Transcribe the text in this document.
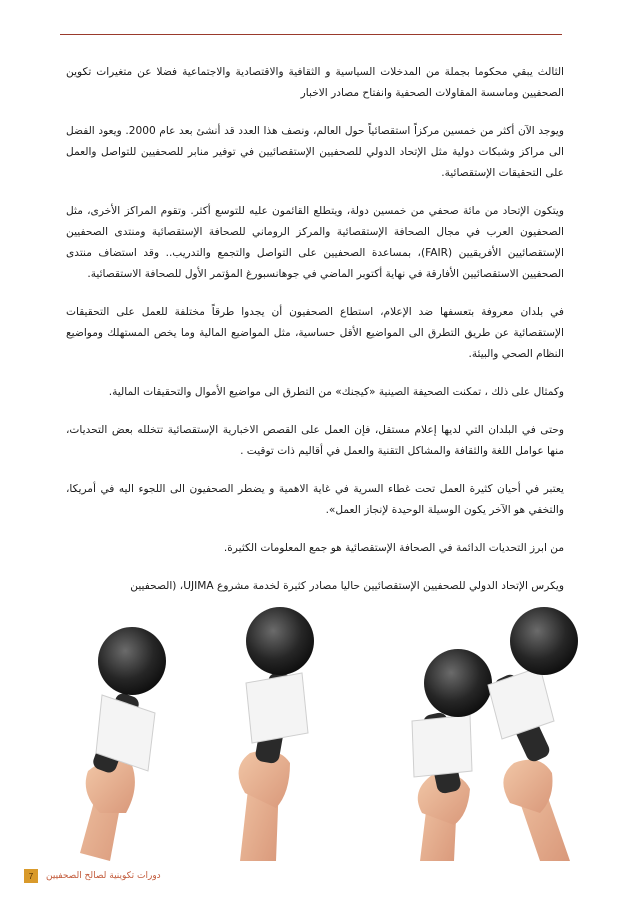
الثالث يبقي محكوما بجملة من المدخلات السياسية و الثقافية والاقتصادية والاجتماعية فضلا عن متغيرات تكوين الصحفيين وماسسة المقاولات الصحفية وانفتاح مصادر الاخبار

ويوجد الآن أكثر من خمسين مركزاً استقصائياً حول العالم، ونصف هذا العدد قد أنشئ بعد عام 2000. ويعود الفضل الى مراكز وشبكات دولية مثل الإتحاد الدولي للصحفيين الإستقصائيين في توفير منابر للصحفيين للتواصل والعمل على التحقيقات الإستقصائية.

ويتكون الإتحاد من مائة صحفي من خمسين دولة، ويتطلع القائمون عليه للتوسع أكثر. وتقوم المراكز الأخرى، مثل الصحفيون العرب في مجال الصحافة الإستقصائية والمركز الروماني للصحافة الإستقصائية ومنتدى الصحفيين الإستقصائيين الأفريقيين (FAIR)، بمساعدة الصحفيين على التواصل والتجمع والتدريب.. وقد استضاف منتدى الصحفيين الاستقصائيين الأفارقة في نهاية أكتوبر الماضي في جوهانسبورغ المؤتمر الأول للصحافة الاستقصائية.

في بلدان معروفة بتعسفها ضد الإعلام، استطاع الصحفيون أن يجدوا طرقاً مختلفة للعمل على التحقيقات الإستقصائية عن طريق التطرق الى المواضيع الأقل حساسية، مثل المواضيع المالية وما يخص المستهلك ومواضيع النظام الصحي والبيئة.

وكمثال على ذلك ، تمكنت الصحيفة الصينية «كيجنك» من التطرق الى مواضيع الأموال والتحقيقات المالية.

وحتى في البلدان التي لديها إعلام مستقل، فإن العمل على القصص الاخبارية الإستقصائية تتخلله بعض التحديات، منها عوامل اللغة والثقافة والمشاكل التقنية والعمل في أقاليم ذات توقيت .

يعتبر في أحيان كثيرة العمل تحت غطاء السرية في غاية الاهمية و يضطر الصحفيون الى اللجوء اليه في أمريكا، والتخفي هو الآخر يكون الوسيلة الوحيدة لإنجاز العمل».

من ابرز التحديات الدائمة في الصحافة الإستقصائية هو جمع المعلومات الكثيرة.

ويكرس الإتحاد الدولي للصحفيين الإستقصائيين حاليا مصادر كثيرة لخدمة مشروع UJIMA، (الصحفيين

7	دورات تكوينية لصالح الصحفيين
